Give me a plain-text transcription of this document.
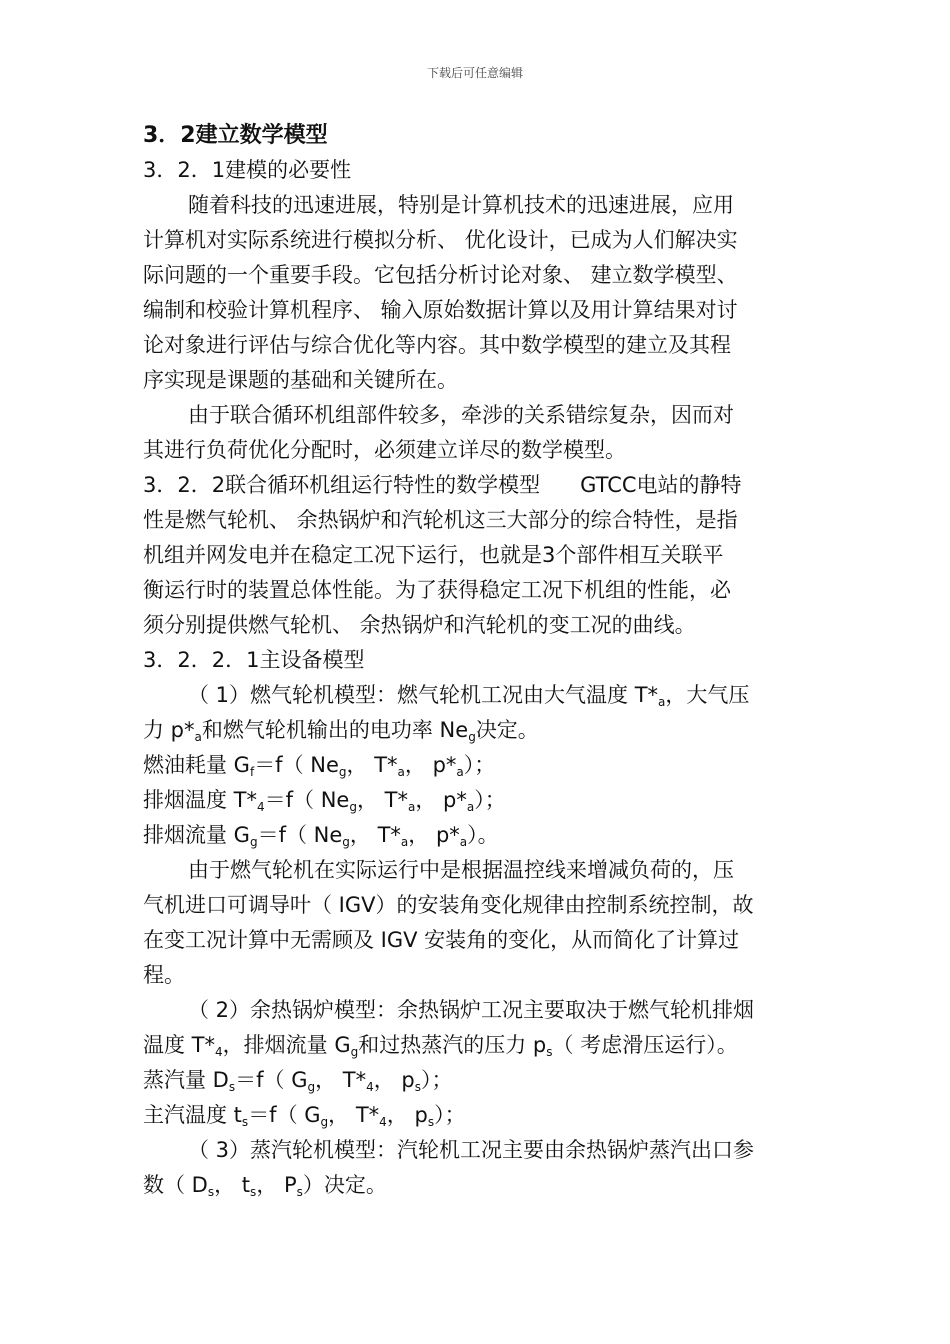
下载后可任意编辑
3．2建立数学模型
3．2．1建模的必要性
随着科技的迅速进展，特别是计算机技术的迅速进展，应用
计算机对实际系统进行模拟分析、 优化设计，已成为人们解决实
际问题的一个重要手段。它包括分析讨论对象、 建立数学模型、
编制和校验计算机程序、 输入原始数据计算以及用计算结果对讨
论对象进行评估与综合优化等内容。其中数学模型的建立及其程
序实现是课题的基础和关键所在。
由于联合循环机组部件较多，牵涉的关系错综复杂，因而对
其进行负荷优化分配时，必须建立详尽的数学模型。
3．2．2联合循环机组运行特性的数学模型 GTCC电站的静特
性是燃气轮机、 余热锅炉和汽轮机这三大部分的综合特性，是指
机组并网发电并在稳定工况下运行，也就是3个部件相互关联平
衡运行时的装置总体性能。为了获得稳定工况下机组的性能，必
须分别提供燃气轮机、 余热锅炉和汽轮机的变工况的曲线。
3．2．2．1主设备模型
（ 1）燃气轮机模型：燃气轮机工况由大气温度 $T*_a$，大气压
力 $p*_a$和燃气轮机输出的电功率 $Ne_g$决定。
燃油耗量 $G_f=f$（ $Ne_g$， $T*_a$， $p*_a$）；
排烟温度 $T*_4=f$（ $Ne_g$， $T*_a$， $p*_a$）；
排烟流量 $G_g=f$（ $Ne_g$， $T*_a$， $p*_a$）。
由于燃气轮机在实际运行中是根据温控线来增减负荷的，压
气机进口可调导叶（ IGV）的安装角变化规律由控制系统控制，故
在变工况计算中无需顾及 IGV 安装角的变化，从而简化了计算过
程。
（ 2）余热锅炉模型：余热锅炉工况主要取决于燃气轮机排烟
温度 $T*_4$，排烟流量 $G_g$和过热蒸汽的压力 $p_s$（ 考虑滑压运行）。
蒸汽量 $D_s=f$（ $G_g$， $T*_4$， $p_s$）；
主汽温度 $t_s=f$（ $G_g$， $T*_4$， $p_s$）；
（ 3）蒸汽轮机模型：汽轮机工况主要由余热锅炉蒸汽出口参
数（ $D_s$， $t_s$， $P_s$）决定。
